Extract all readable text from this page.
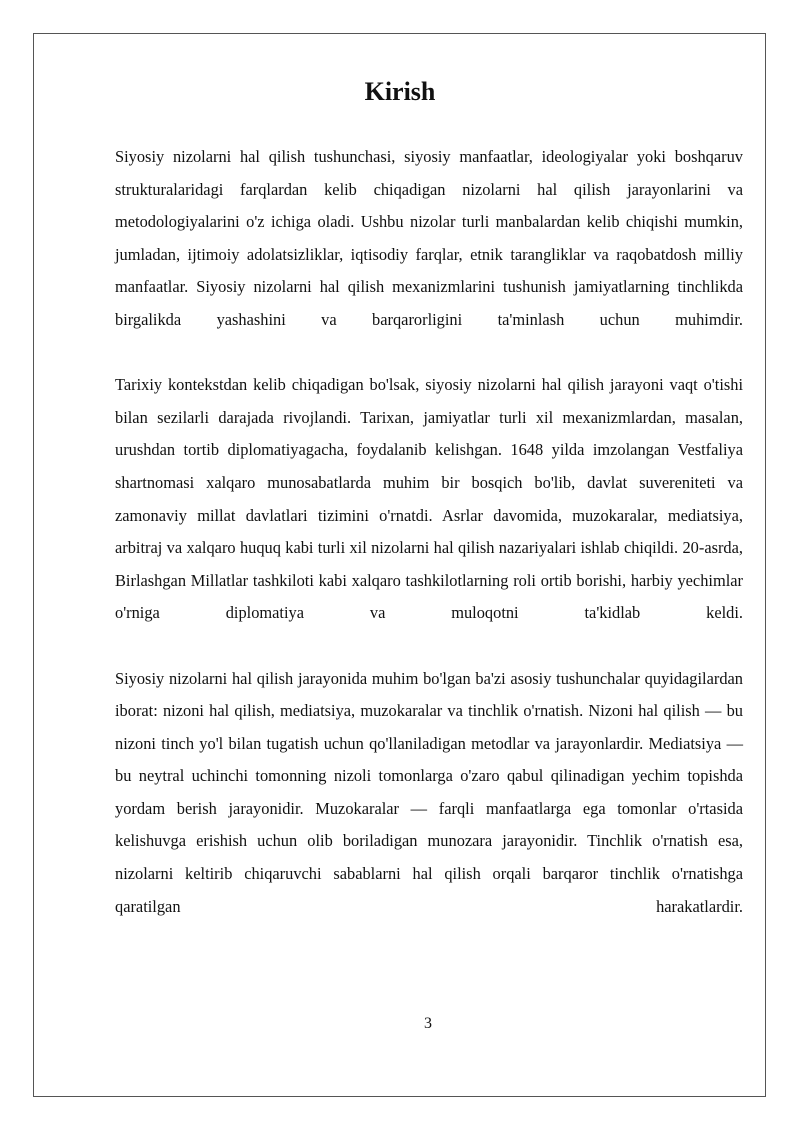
Kirish

Siyosiy nizolarni hal qilish tushunchasi, siyosiy manfaatlar, ideologiyalar yoki boshqaruv strukturalaridagi farqlardan kelib chiqadigan nizolarni hal qilish jarayonlarini va metodologiyalarini o'z ichiga oladi. Ushbu nizolar turli manbalardan kelib chiqishi mumkin, jumladan, ijtimoiy adolatsizliklar, iqtisodiy farqlar, etnik tarangliklar va raqobatdosh milliy manfaatlar. Siyosiy nizolarni hal qilish mexanizmlarini tushunish jamiyatlarning tinchlikda birgalikda yashashini va barqarorligini ta'minlash uchun muhimdir.

Tarixiy kontekstdan kelib chiqadigan bo'lsak, siyosiy nizolarni hal qilish jarayoni vaqt o'tishi bilan sezilarli darajada rivojlandi. Tarixan, jamiyatlar turli xil mexanizmlardan, masalan, urushdan tortib diplomatiyagacha, foydalanib kelishgan. 1648 yilda imzolangan Vestfaliya shartnomasi xalqaro munosabatlarda muhim bir bosqich bo'lib, davlat suvereniteti va zamonaviy millat davlatlari tizimini o'rnatdi. Asrlar davomida, muzokaralar, mediatsiya, arbitraj va xalqaro huquq kabi turli xil nizolarni hal qilish nazariyalari ishlab chiqildi. 20-asrda, Birlashgan Millatlar tashkiloti kabi xalqaro tashkilotlarning roli ortib borishi, harbiy yechimlar o'rniga diplomatiya va muloqotni ta'kidlab keldi.

Siyosiy nizolarni hal qilish jarayonida muhim bo'lgan ba'zi asosiy tushunchalar quyidagilardan iborat: nizoni hal qilish, mediatsiya, muzokaralar va tinchlik o'rnatish. Nizoni hal qilish — bu nizoni tinch yo'l bilan tugatish uchun qo'llaniladigan metodlar va jarayonlardir. Mediatsiya — bu neytral uchinchi tomonning nizoli tomonlarga o'zaro qabul qilinadigan yechim topishda yordam berish jarayonidir. Muzokaralar — farqli manfaatlarga ega tomonlar o'rtasida kelishuvga erishish uchun olib boriladigan munozara jarayonidir. Tinchlik o'rnatish esa, nizolarni keltirib chiqaruvchi sabablarni hal qilish orqali barqaror tinchlik o'rnatishga qaratilgan harakatlardir.

3
